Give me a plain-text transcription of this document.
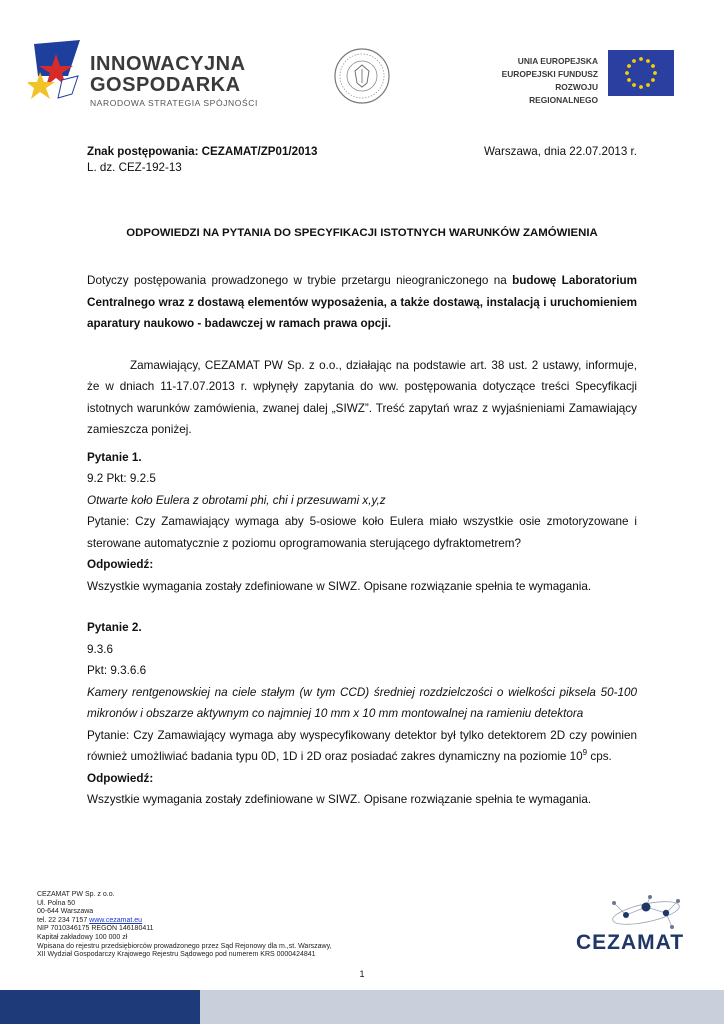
INNOWACYJNA
GOSPODARKA
NARODOWA STRATEGIA SPÓJNOŚCI
UNIA EUROPEJSKA
EUROPEJSKI FUNDUSZ
ROZWOJU REGIONALNEGO
Znak postępowania: CEZAMAT/ZP01/2013
L. dz. CEZ-192-13
Warszawa, dnia 22.07.2013 r.
ODPOWIEDZI NA PYTANIA DO SPECYFIKACJI ISTOTNYCH WARUNKÓW ZAMÓWIENIA

Dotyczy postępowania prowadzonego w trybie przetargu nieograniczonego na budowę Laboratorium Centralnego wraz z dostawą elementów wyposażenia, a także dostawą, instalacją i uruchomieniem aparatury naukowo - badawczej w ramach prawa opcji.

Zamawiający, CEZAMAT PW Sp. z o.o., działając na podstawie art. 38 ust. 2 ustawy, informuje, że w dniach 11-17.07.2013 r. wpłynęły zapytania do ww. postępowania dotyczące treści Specyfikacji istotnych warunków zamówienia, zwanej dalej „SIWZ”. Treść zapytań wraz z wyjaśnieniami Zamawiający zamieszcza poniżej.

Pytanie 1.

9.2 Pkt: 9.2.5

Otwarte koło Eulera z obrotami phi, chi i przesuwami x,y,z

Pytanie: Czy Zamawiający wymaga aby 5-osiowe koło Eulera miało wszystkie osie zmotoryzowane i sterowane automatycznie z poziomu oprogramowania sterującego dyfraktometrem?

Odpowiedź:

Wszystkie wymagania zostały zdefiniowane w SIWZ. Opisane rozwiązanie spełnia te wymagania.

Pytanie 2.

9.3.6

Pkt: 9.3.6.6

Kamery rentgenowskiej na ciele stałym (w tym CCD) średniej rozdzielczości o wielkości piksela 50-100 mikronów i obszarze aktywnym co najmniej 10 mm x 10 mm montowalnej na ramieniu detektora

Pytanie: Czy Zamawiający wymaga aby wyspecyfikowany detektor był tylko detektorem 2D czy powinien również umożliwiać badania typu 0D, 1D i 2D oraz posiadać zakres dynamiczny na poziomie $10^9$ cps.

Odpowiedź:

Wszystkie wymagania zostały zdefiniowane w SIWZ. Opisane rozwiązanie spełnia te wymagania.

CEZAMAT PW Sp. z o.o.
Ul. Polna 50
00-644 Warszawa
tel. 22 234 7157 www.cezamat.eu
NIP 7010346175 REGON 146180411
Kapitał zakładowy 100 000 zł
Wpisana do rejestru przedsiębiorców prowadzonego przez Sąd Rejonowy dla m.,st. Warszawy,
XII Wydział Gospodarczy Krajowego Rejestru Sądowego pod numerem KRS 0000424841
CEZAMAT
1
